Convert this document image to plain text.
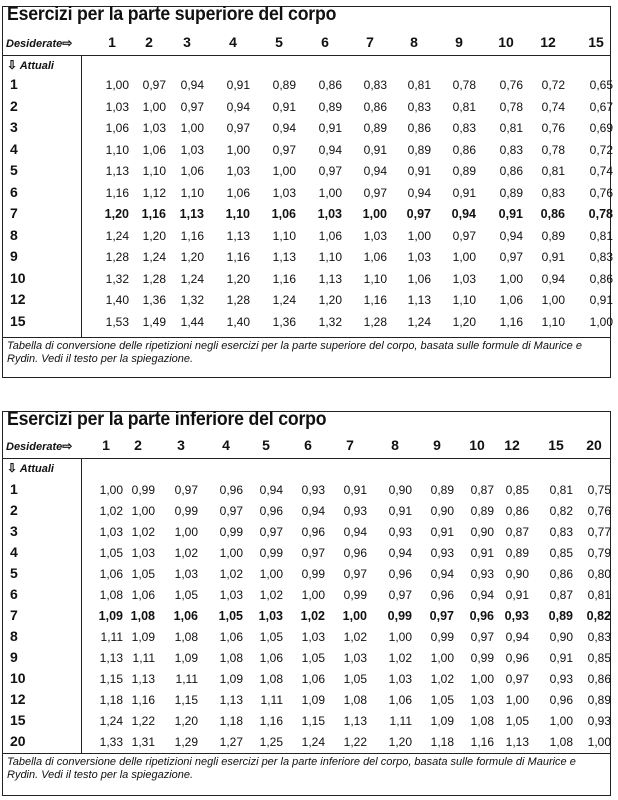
Esercizi per la parte superiore del corpo
Desiderate⇨	1	2	3	4	5	6	7	8	9	10	12	15
⇩ Attuali
1	1,00	0,97	0,94	0,91	0,89	0,86	0,83	0,81	0,78	0,76	0,72	0,65
2	1,03	1,00	0,97	0,94	0,91	0,89	0,86	0,83	0,81	0,78	0,74	0,67
3	1,06	1,03	1,00	0,97	0,94	0,91	0,89	0,86	0,83	0,81	0,76	0,69
4	1,10	1,06	1,03	1,00	0,97	0,94	0,91	0,89	0,86	0,83	0,78	0,72
5	1,13	1,10	1,06	1,03	1,00	0,97	0,94	0,91	0,89	0,86	0,81	0,74
6	1,16	1,12	1,10	1,06	1,03	1,00	0,97	0,94	0,91	0,89	0,83	0,76
7	1,20	1,16	1,13	1,10	1,06	1,03	1,00	0,97	0,94	0,91	0,86	0,78
8	1,24	1,20	1,16	1,13	1,10	1,06	1,03	1,00	0,97	0,94	0,89	0,81
9	1,28	1,24	1,20	1,16	1,13	1,10	1,06	1,03	1,00	0,97	0,91	0,83
10	1,32	1,28	1,24	1,20	1,16	1,13	1,10	1,06	1,03	1,00	0,94	0,86
12	1,40	1,36	1,32	1,28	1,24	1,20	1,16	1,13	1,10	1,06	1,00	0,91
15	1,53	1,49	1,44	1,40	1,36	1,32	1,28	1,24	1,20	1,16	1,10	1,00
Tabella di conversione delle ripetizioni negli esercizi per la parte superiore del corpo, basata sulle formule di Maurice e Rydin. Vedi il testo per la spiegazione.
Esercizi per la parte inferiore del corpo
Desiderate⇨	1	2	3	4	5	6	7	8	9	10	12	15	20
⇩ Attuali
1	1,00 0,99	0,97	0,96	0,94	0,93	0,91	0,90	0,89	0,87 0,85	0,81	0,75
2	1,02 1,00	0,99	0,97	0,96	0,94	0,93	0,91	0,90	0,89 0,86	0,82	0,76
3	1,03 1,02	1,00	0,99	0,97	0,96	0,94	0,93	0,91	0,90 0,87	0,83	0,77
4	1,05 1,03	1,02	1,00	0,99	0,97	0,96	0,94	0,93	0,91 0,89	0,85	0,79
5	1,06 1,05	1,03	1,02	1,00	0,99	0,97	0,96	0,94	0,93 0,90	0,86	0,80
6	1,08 1,06	1,05	1,03	1,02	1,00	0,99	0,97	0,96	0,94 0,91	0,87	0,81
7	1,09 1,08	1,06	1,05	1,03	1,02	1,00	0,99	0,97	0,96 0,93	0,89	0,82
8	1,11 1,09	1,08	1,06	1,05	1,03	1,02	1,00	0,99	0,97 0,94	0,90	0,83
9	1,13 1,11	1,09	1,08	1,06	1,05	1,03	1,02	1,00	0,99 0,96	0,91	0,85
10	1,15 1,13	1,11	1,09	1,08	1,06	1,05	1,03	1,02	1,00 0,97	0,93	0,86
12	1,18 1,16	1,15	1,13	1,11	1,09	1,08	1,06	1,05	1,03 1,00	0,96	0,89
15	1,24 1,22	1,20	1,18	1,16	1,15	1,13	1,11	1,09	1,08 1,05	1,00	0,93
20	1,33 1,31	1,29	1,27	1,25	1,24	1,22	1,20	1,18	1,16 1,13	1,08	1,00
Tabella di conversione delle ripetizioni negli esercizi per la parte inferiore del corpo, basata sulle formule di Maurice e Rydin. Vedi il testo per la spiegazione.
